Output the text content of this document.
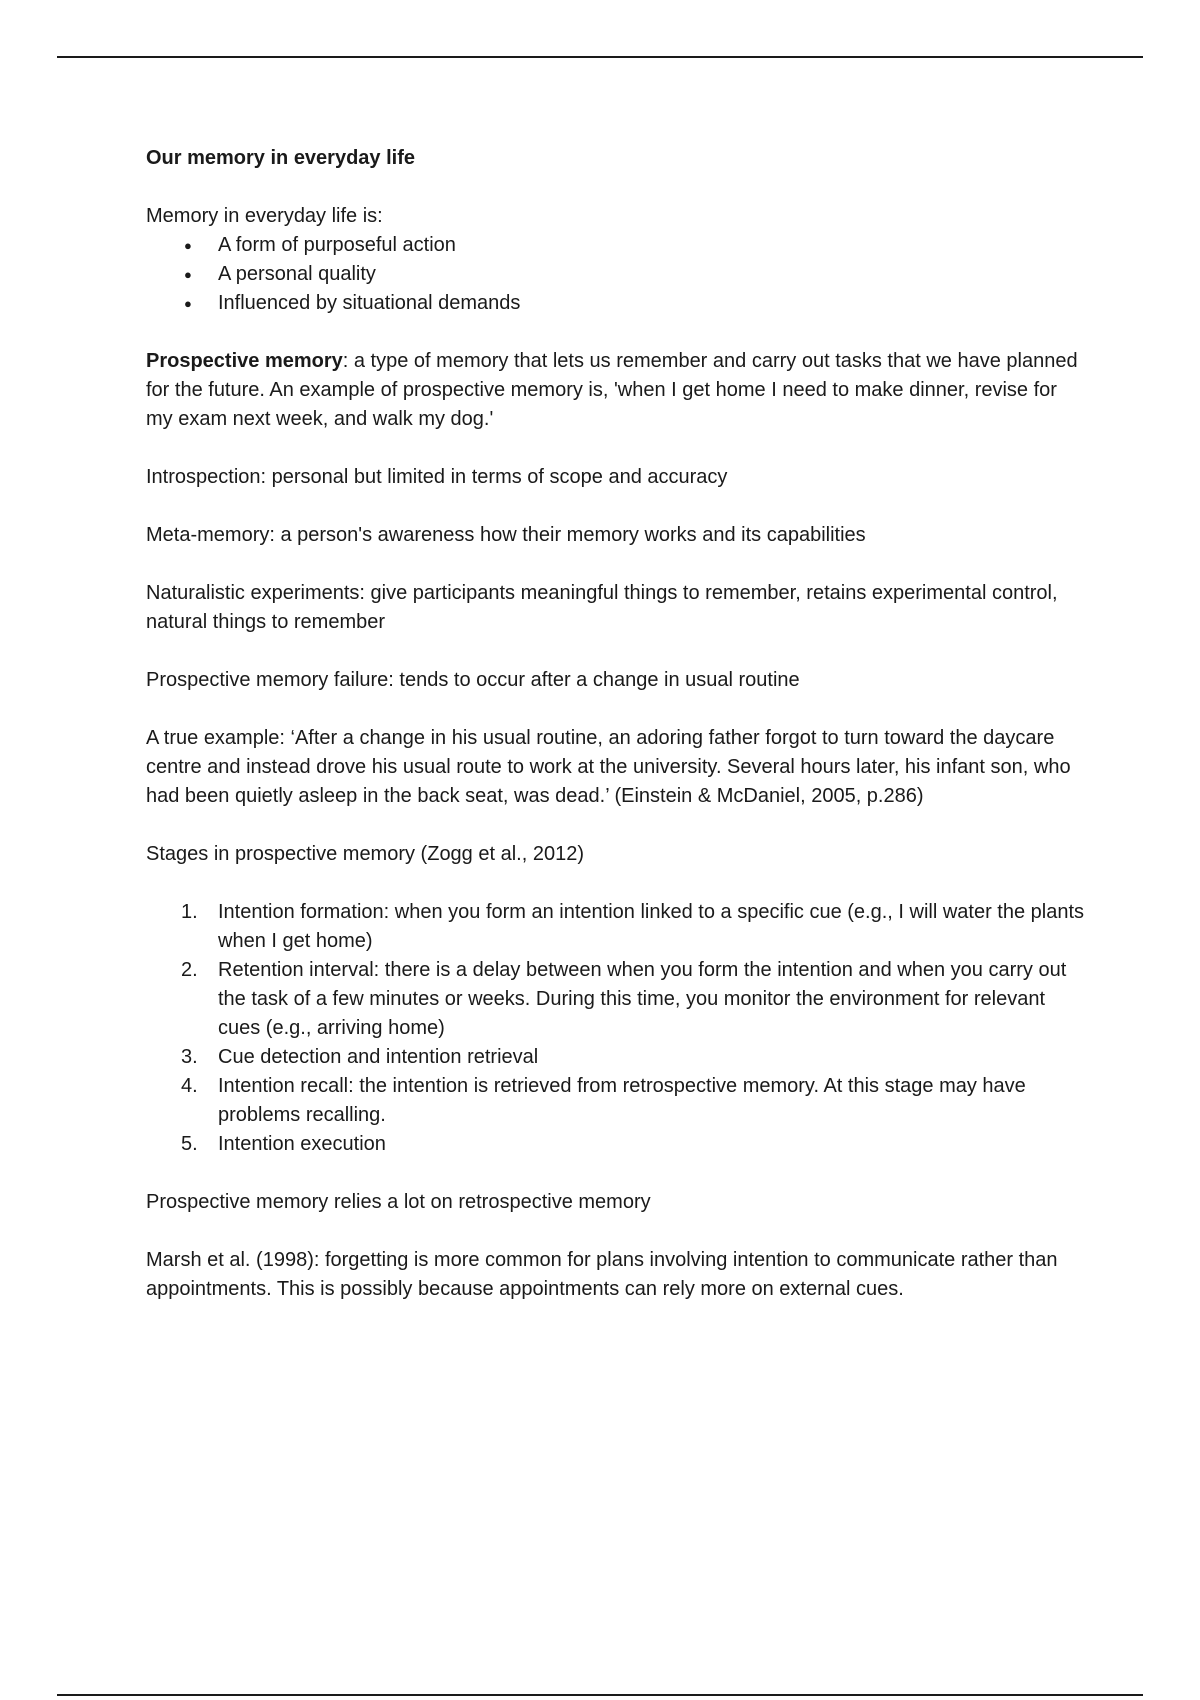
Our memory in everyday life

Memory in everyday life is:

● A form of purposeful action
● A personal quality
● Influenced by situational demands

Prospective memory: a type of memory that lets us remember and carry out tasks that we have planned for the future. An example of prospective memory is, 'when I get home I need to make dinner, revise for my exam next week, and walk my dog.'

Introspection: personal but limited in terms of scope and accuracy

Meta-memory: a person's awareness how their memory works and its capabilities

Naturalistic experiments: give participants meaningful things to remember, retains experimental control, natural things to remember

Prospective memory failure: tends to occur after a change in usual routine

A true example: ‘After a change in his usual routine, an adoring father forgot to turn toward the daycare centre and instead drove his usual route to work at the university. Several hours later, his infant son, who had been quietly asleep in the back seat, was dead.’ (Einstein & McDaniel, 2005, p.286)

Stages in prospective memory (Zogg et al., 2012)

1. Intention formation: when you form an intention linked to a specific cue (e.g., I will water the plants when I get home)
2. Retention interval: there is a delay between when you form the intention and when you carry out the task of a few minutes or weeks. During this time, you monitor the environment for relevant cues (e.g., arriving home)
3. Cue detection and intention retrieval
4. Intention recall: the intention is retrieved from retrospective memory. At this stage may have problems recalling.
5. Intention execution

Prospective memory relies a lot on retrospective memory

Marsh et al. (1998): forgetting is more common for plans involving intention to communicate rather than appointments. This is possibly because appointments can rely more on external cues.
